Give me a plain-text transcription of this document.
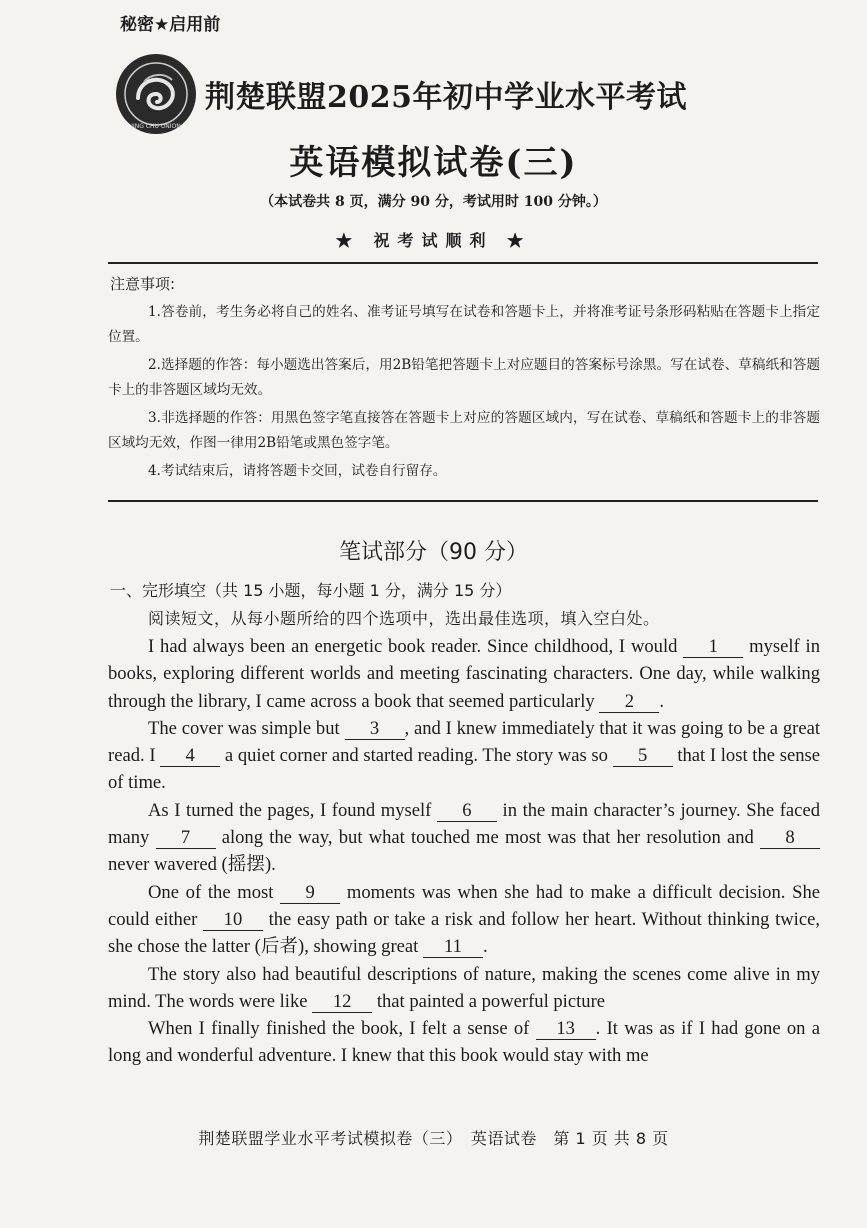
秘密★启用前
JING CHU UNION
荆楚联盟2025年初中学业水平考试
英语模拟试卷(三)
（本试卷共 8 页，满分 90 分，考试用时 100 分钟。）
★ 祝考试顺利 ★
注意事项:

1.答卷前，考生务必将自己的姓名、准考证号填写在试卷和答题卡上，并将准考证号条形码粘贴在答题卡上指定位置。

2.选择题的作答：每小题选出答案后，用2B铅笔把答题卡上对应题目的答案标号涂黑。写在试卷、草稿纸和答题卡上的非答题区域均无效。

3.非选择题的作答：用黑色签字笔直接答在答题卡上对应的答题区域内，写在试卷、草稿纸和答题卡上的非答题区域均无效，作图一律用2B铅笔或黑色签字笔。

4.考试结束后，请将答题卡交回，试卷自行留存。

笔试部分（90 分）
一、完形填空（共 15 小题，每小题 1 分，满分 15 分）
阅读短文，从每小题所给的四个选项中，选出最佳选项，填入空白处。

I had always been an energetic book reader. Since childhood, I would 1 myself in books, exploring different worlds and meeting fascinating characters. One day, while walking through the library, I came across a book that seemed particularly 2 .

The cover was simple but 3 , and I knew immediately that it was going to be a great read. I 4 a quiet corner and started reading. The story was so 5 that I lost the sense of time.

As I turned the pages, I found myself 6 in the main character’s journey. She faced many 7 along the way, but what touched me most was that her resolution and 8 never wavered (摇摆).

One of the most 9 moments was when she had to make a difficult decision. She could either 10 the easy path or take a risk and follow her heart. Without thinking twice, she chose the latter (后者), showing great 11 .

The story also had beautiful descriptions of nature, making the scenes come alive in my mind. The words were like 12 that painted a powerful picture

When I finally finished the book, I felt a sense of 13 . It was as if I had gone on a long and wonderful adventure. I knew that this book would stay with me

荆楚联盟学业水平考试模拟卷（三）　英语试卷　第 1 页 共 8 页
